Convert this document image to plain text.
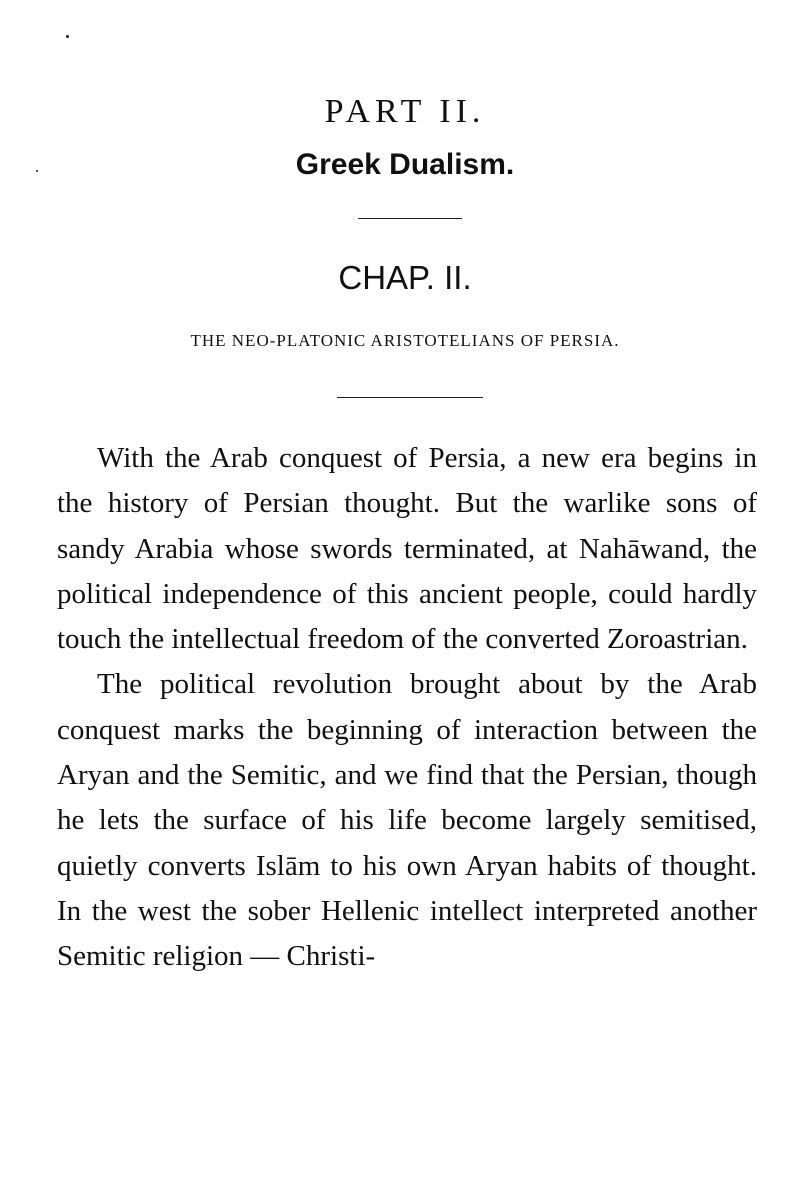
PART II.
Greek Dualism.
CHAP. II.
THE NEO-PLATONIC ARISTOTELIANS OF PERSIA.

With the Arab conquest of Persia, a new era begins in the history of Persian thought. But the warlike sons of sandy Arabia whose swords terminated, at Nahāwand, the political independence of this ancient people, could hardly touch the intellectual freedom of the converted Zoroastrian.

The political revolution brought about by the Arab conquest marks the beginning of interaction between the Aryan and the Semitic, and we find that the Persian, though he lets the surface of his life become largely semitised, quietly converts Islām to his own Aryan habits of thought. In the west the sober Hellenic intellect interpreted another Semitic religion — Christi-
